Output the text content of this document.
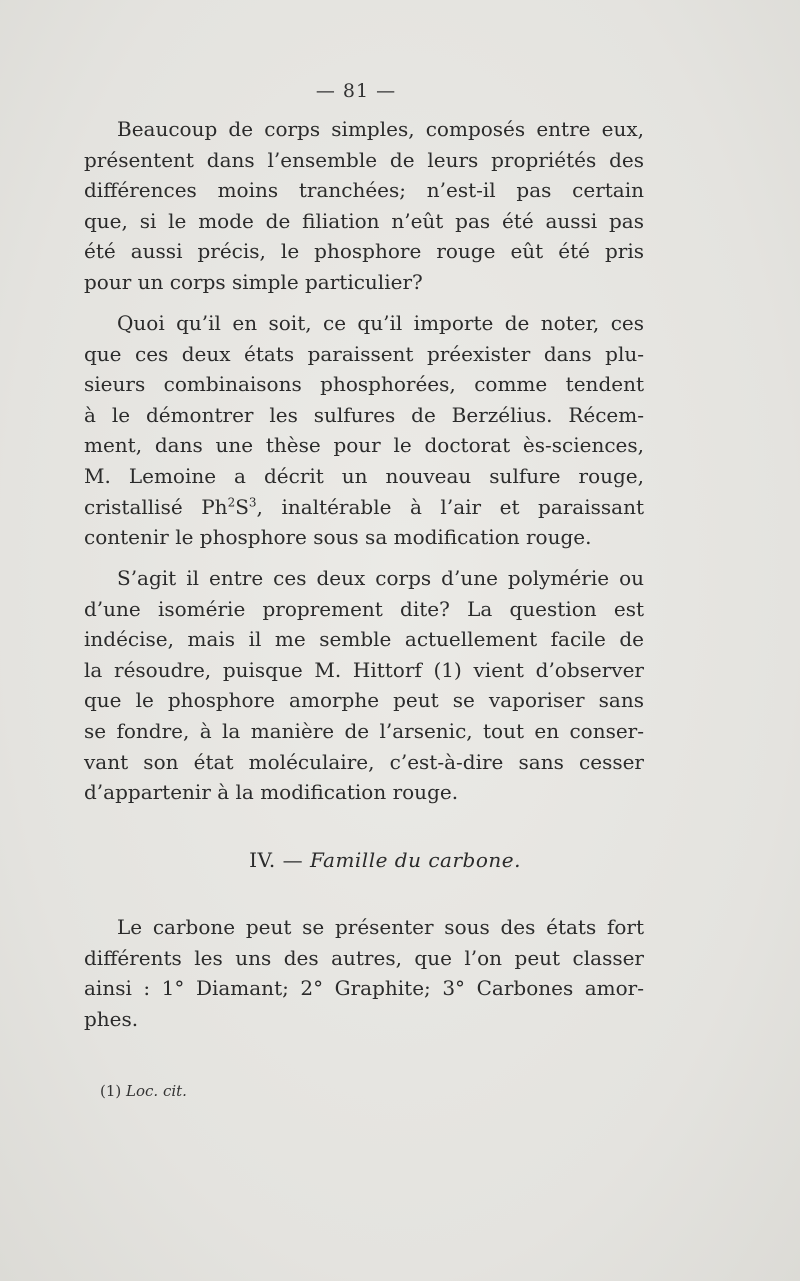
— 81 —
Beaucoup de corps simples, composés entre eux,
présentent dans l’ensemble de leurs propriétés des
différences moins tranchées; n’est-il pas certain
que, si le mode de filiation n’eût pas été aussi pas
été aussi précis, le phosphore rouge eût été pris
pour un corps simple particulier?
Quoi qu’il en soit, ce qu’il importe de noter, ces
que ces deux états paraissent préexister dans plu-
sieurs combinaisons phosphorées, comme tendent
à le démontrer les sulfures de Berzélius. Récem-
ment, dans une thèse pour le doctorat ès-sciences,
M. Lemoine a décrit un nouveau sulfure rouge,
cristallisé $Ph^2S^3$, inaltérable à l’air et paraissant
contenir le phosphore sous sa modification rouge.
S’agit il entre ces deux corps d’une polymérie ou
d’une isomérie proprement dite? La question est
indécise, mais il me semble actuellement facile de
la résoudre, puisque M. Hittorf (1) vient d’observer
que le phosphore amorphe peut se vaporiser sans
se fondre, à la manière de l’arsenic, tout en conser-
vant son état moléculaire, c’est-à-dire sans cesser
d’appartenir à la modification rouge.
IV. — Famille du carbone.
Le carbone peut se présenter sous des états fort
différents les uns des autres, que l’on peut classer
ainsi : 1° Diamant; 2° Graphite; 3° Carbones amor-
phes.
(1) Loc. cit.
